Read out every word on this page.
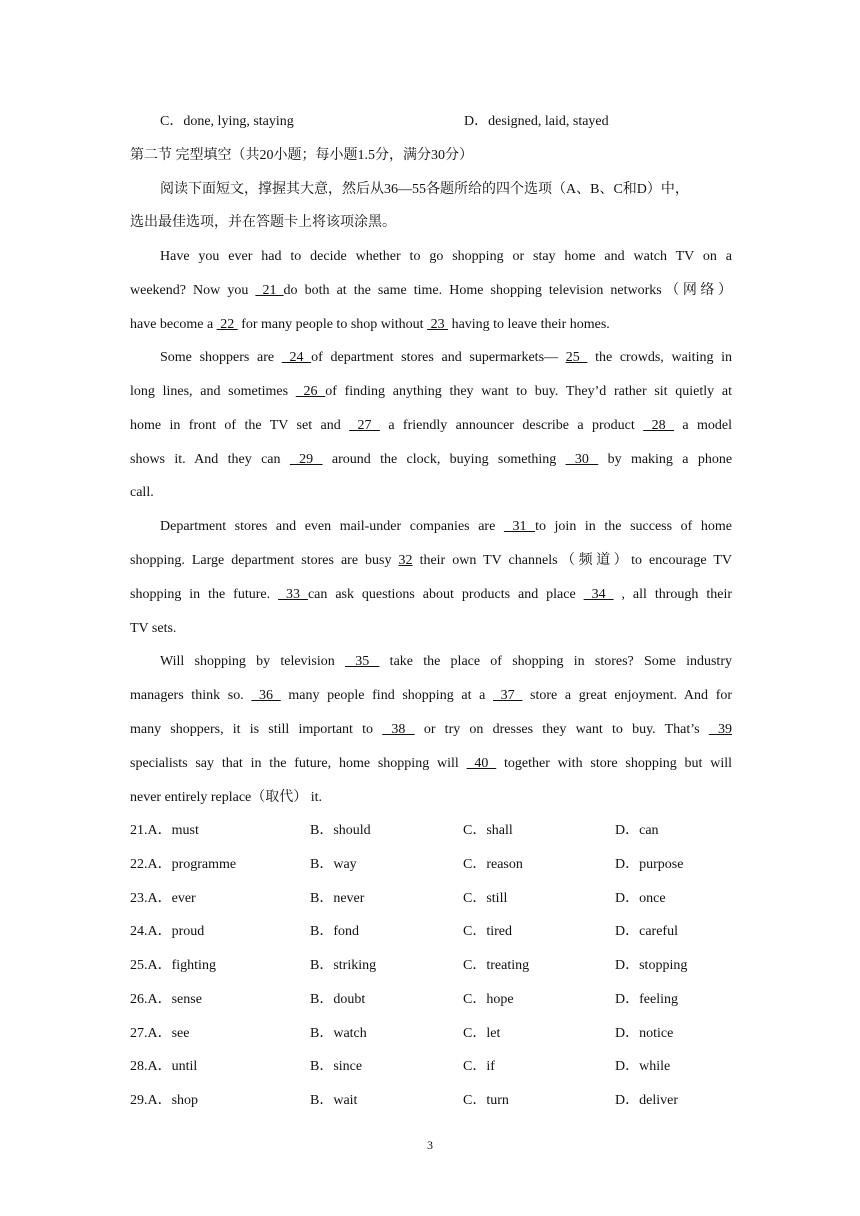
C．done, lying, staying	D．designed, laid, stayed
第二节 完型填空（共20小题；每小题1.5分，满分30分）
阅读下面短文，撑握其大意，然后从36—55各题所给的四个选项（A、B、C和D）中，
选出最佳选项，并在答题卡上将该项涂黑。
Have you ever had to decide whether to go shopping or stay home and watch TV on a
weekend? Now you  21 do both at the same time. Home shopping television networks（网络）
have become a  22  for many people to shop without  23  having to leave their homes.
Some shoppers are  24 of department stores and supermarkets— 25  the crowds, waiting in
long lines, and sometimes  26 of finding anything they want to buy. They’d rather sit quietly at
home in front of the TV set and  27  a friendly announcer describe a product  28  a model
shows it. And they can  29  around the clock, buying something  30  by making a phone
call.
Department stores and even mail-under companies are  31 to join in the success of home
shopping. Large department stores are busy 32 their own TV channels（频道）to encourage TV
shopping in the future.  33 can ask questions about products and place  34  , all through their
TV sets.
Will shopping by television  35  take the place of shopping in stores? Some industry
managers think so.  36  many people find shopping at a  37  store a great enjoyment. And for
many shoppers, it is still important to  38  or try on dresses they want to buy. That’s  39
specialists say that in the future, home shopping will  40  together with store shopping but will
never entirely replace（取代） it.
21.A．must	B．should	C．shall	D．can
22.A．programme	B．way	C．reason	D．purpose
23.A．ever	B．never	C．still	D．once
24.A．proud	B．fond	C．tired	D．careful
25.A．fighting	B．striking	C．treating	D．stopping
26.A．sense	B．doubt	C．hope	D．feeling
27.A．see	B．watch	C．let	D．notice
28.A．until	B．since	C．if	D．while
29.A．shop	B．wait	C．turn	D．deliver
3
